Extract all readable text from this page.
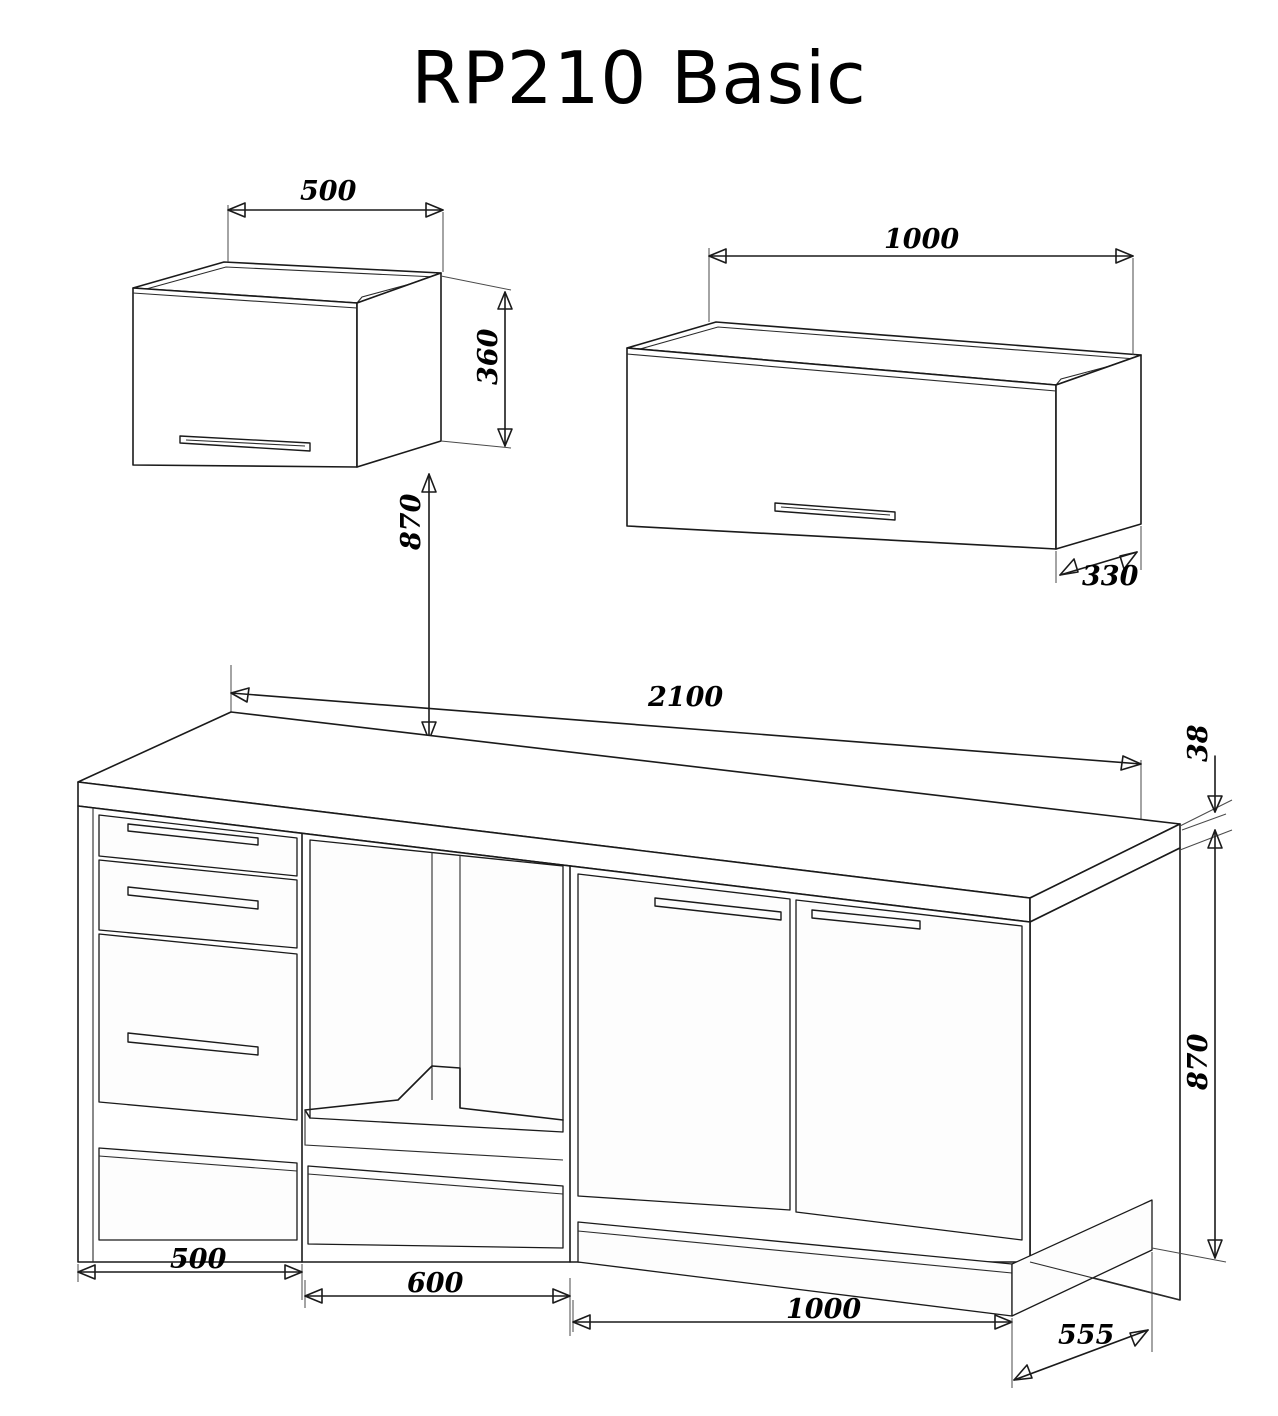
RP210 Basic
500
360
1000
330
870
2100
38
870
500
600
1000
555
